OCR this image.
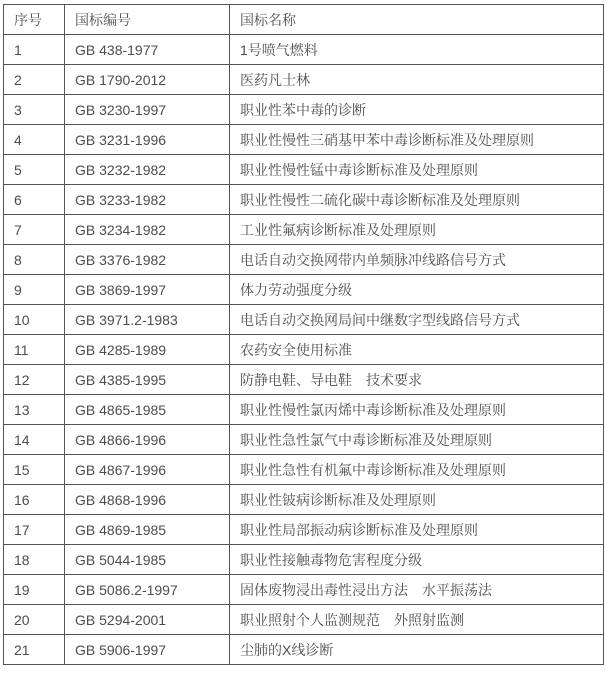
序号	国标编号	国标名称
1	GB 438-1977	1号喷气燃料
2	GB 1790-2012	医药凡士林
3	GB 3230-1997	职业性苯中毒的诊断
4	GB 3231-1996	职业性慢性三硝基甲苯中毒诊断标准及处理原则
5	GB 3232-1982	职业性慢性锰中毒诊断标准及处理原则
6	GB 3233-1982	职业性慢性二硫化碳中毒诊断标准及处理原则
7	GB 3234-1982	工业性氟病诊断标准及处理原则
8	GB 3376-1982	电话自动交换网带内单频脉冲线路信号方式
9	GB 3869-1997	体力劳动强度分级
10	GB 3971.2-1983	电话自动交换网局间中继数字型线路信号方式
11	GB 4285-1989	农药安全使用标准
12	GB 4385-1995	防静电鞋、导电鞋　技术要求
13	GB 4865-1985	职业性慢性氯丙烯中毒诊断标准及处理原则
14	GB 4866-1996	职业性急性氯气中毒诊断标准及处理原则
15	GB 4867-1996	职业性急性有机氟中毒诊断标准及处理原则
16	GB 4868-1996	职业性铍病诊断标准及处理原则
17	GB 4869-1985	职业性局部振动病诊断标准及处理原则
18	GB 5044-1985	职业性接触毒物危害程度分级
19	GB 5086.2-1997	固体废物浸出毒性浸出方法　水平振荡法
20	GB 5294-2001	职业照射个人监测规范　外照射监测
21	GB 5906-1997	尘肺的X线诊断
